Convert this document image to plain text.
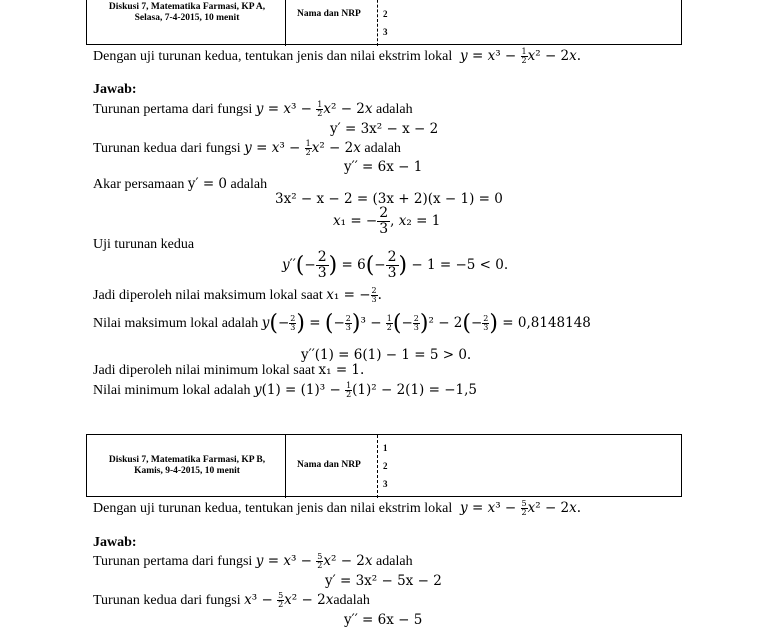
Diskusi 7, Matematika Farmasi, KP A, Selasa, 7-4-2015, 10 menit	Nama dan NRP 2
3
Dengan uji turunan kedua, tentukan jenis dan nilai ekstrim lokal $y = x^3 - \frac{1}{2} x^2 - 2x$.
Jawab:
Turunan pertama dari fungsi $y = x^3 - \frac{1}{2} x^2 - 2x$ adalah
y′ = 3x² − x − 2
Turunan kedua dari fungsi $y = x^3 - \frac{1}{2} x^2 - 2x$ adalah
y′′ = 6x − 1
Akar persamaan y′ = 0 adalah
3x² − x − 2 = (3x + 2)(x − 1) = 0
x₁ = − $\frac{2}{3}$ , x₂ = 1
Uji turunan kedua
$y''(- \frac{2}{3}$ ) = $6(- \frac{2}{3}$ ) − 1 = −5 < 0.
Jadi diperoleh nilai maksimum lokal saat x₁ = − $\frac{2}{3}$ .
Nilai maksimum lokal adalah $y(- \frac{2}{3}$ ) = (− $\frac{2}{3} )^3 - \frac{1}{2}$ (− $\frac{2}{3} )^2 - 2(- \frac{2}{3}$ ) = 0,8148148
y′′(1) = 6(1) − 1 = 5 > 0.
Jadi diperoleh nilai minimum lokal saat x₁ = 1.
Nilai minimum lokal adalah $y(1) = (1)^3 - \frac{1}{2} (1)^2 - 2(1) = -1,5$
Diskusi 7, Matematika Farmasi, KP B, Kamis, 9-4-2015, 10 menit
Nama dan NRP
1
2
3
Dengan uji turunan kedua, tentukan jenis dan nilai ekstrim lokal $y = x^3 - \frac{5}{2} x^2 - 2x$.
Jawab:
Turunan pertama dari fungsi $y = x^3 - \frac{5}{2} x^2 - 2x$ adalah
y′ = 3x² − 5x − 2
Turunan kedua dari fungsi $x^3 - \frac{5}{2} x^2$ − 2xadalah
y′′ = 6x − 5
